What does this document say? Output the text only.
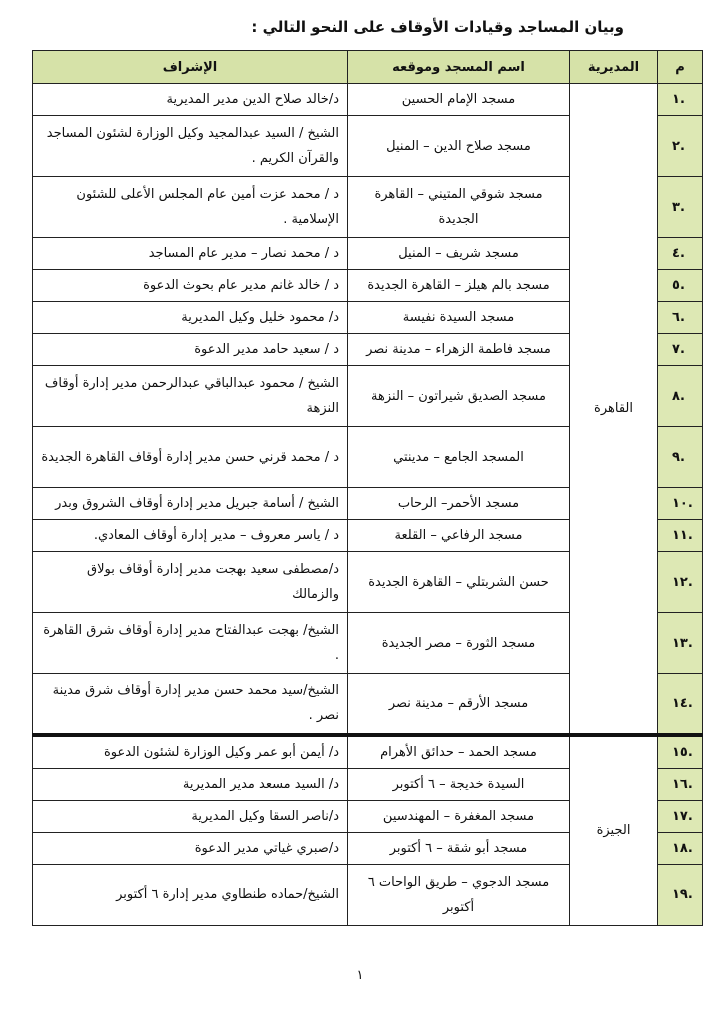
وبيان المساجد وقيادات الأوقاف على النحو التالي :
م	المديرية	اسم المسجد وموقعه	الإشراف
.١	القاهرة	مسجد الإمام الحسين	د/خالد صلاح الدين مدير المديرية
.٢		مسجد صلاح الدين – المنيل	الشيخ / السيد عبدالمجيد وكيل الوزارة لشئون المساجد والقرآن الكريم .
.٣		مسجد شوقي المتيني – القاهرة الجديدة	د / محمد عزت أمين عام المجلس الأعلى للشئون الإسلامية .
.٤		مسجد شريف – المنيل	د / محمد نصار – مدير عام المساجد
.٥		مسجد بالم هيلز – القاهرة الجديدة	د / خالد غانم مدير عام بحوث الدعوة
.٦		مسجد السيدة نفيسة	د/ محمود خليل وكيل المديرية
.٧		مسجد فاطمة الزهراء – مدينة نصر	د / سعيد حامد مدير الدعوة
.٨		مسجد الصديق شيراتون – النزهة	الشيخ / محمود عبدالباقي عبدالرحمن مدير إدارة أوقاف النزهة
.٩		المسجد الجامع – مدينتي	د / محمد قرني حسن مدير إدارة أوقاف القاهرة الجديدة
.١٠		مسجد الأحمر– الرحاب	الشيخ / أسامة جبريل مدير إدارة أوقاف الشروق وبدر
.١١		مسجد الرفاعي – القلعة	د / ياسر معروف – مدير إدارة أوقاف المعادي.
.١٢		حسن الشربتلي – القاهرة الجديدة	د/مصطفى سعيد بهجت مدير إدارة أوقاف بولاق والزمالك
.١٣		مسجد الثورة – مصر الجديدة	الشيخ/ بهجت عبدالفتاح مدير إدارة أوقاف شرق القاهرة .
.١٤		مسجد الأرقم – مدينة نصر	الشيخ/سيد محمد حسن مدير إدارة أوقاف شرق مدينة نصر .
.١٥	الجيزة	مسجد الحمد – حدائق الأهرام	د/ أيمن أبو عمر وكيل الوزارة لشئون الدعوة
.١٦		السيدة خديجة – ٦ أكتوبر	د/ السيد مسعد مدير المديرية
.١٧		مسجد المغفرة – المهندسين	د/ناصر السقا وكيل المديرية
.١٨		مسجد أبو شقة – ٦ أكتوبر	د/صبري غياتي مدير الدعوة
.١٩		مسجد الدجوي – طريق الواحات ٦ أكتوبر	الشيخ/حماده طنطاوي مدير إدارة ٦ أكتوبر
١
